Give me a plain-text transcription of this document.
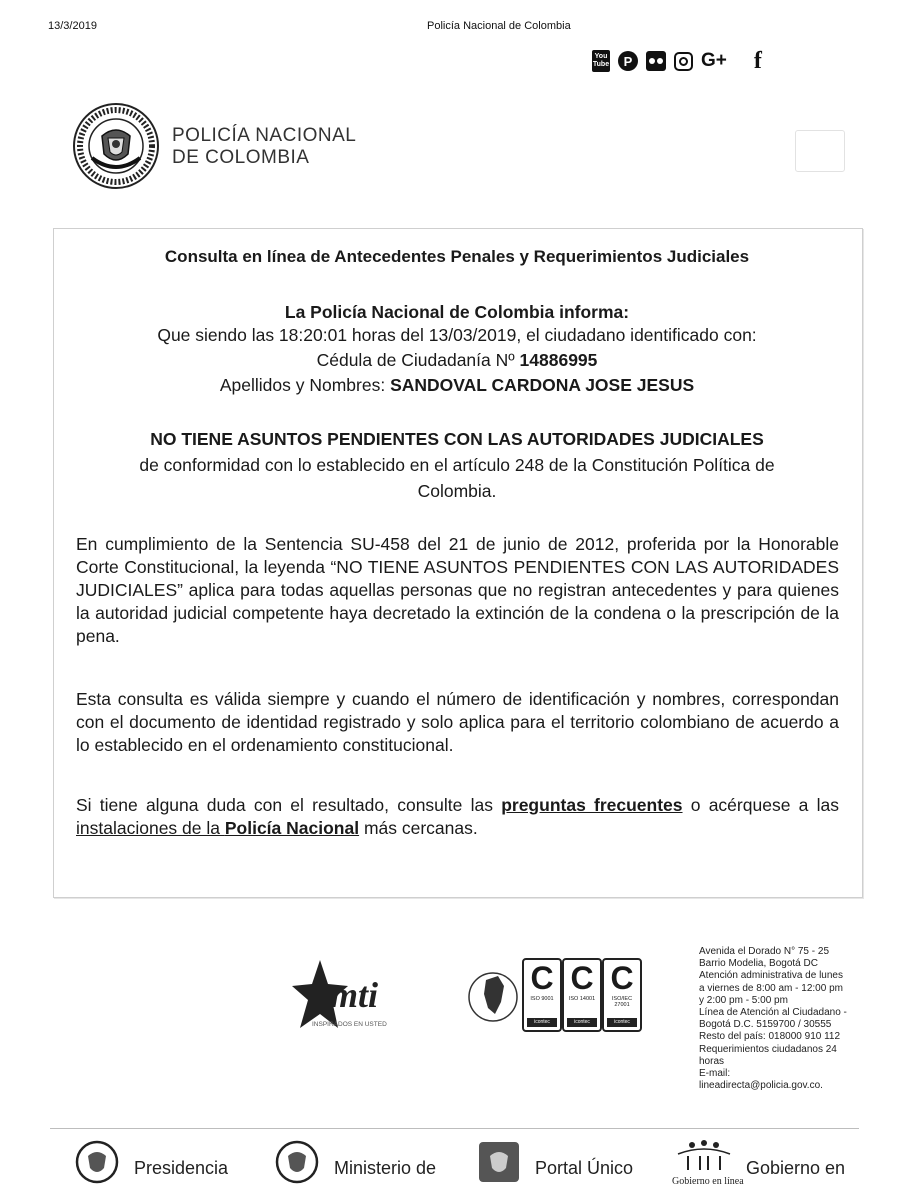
13/3/2019	Policía Nacional de Colombia
You
Tube	P	G+ f
POLICÍA NACIONAL
DE COLOMBIA
Consulta en línea de Antecedentes Penales y Requerimientos Judiciales
La Policía Nacional de Colombia informa:
Que siendo las 18:20:01 horas del 13/03/2019, el ciudadano identificado con:
Cédula de Ciudadanía Nº 14886995
Apellidos y Nombres: SANDOVAL CARDONA JOSE JESUS
NO TIENE ASUNTOS PENDIENTES CON LAS AUTORIDADES JUDICIALES
de conformidad con lo establecido en el artículo 248 de la Constitución Política de
Colombia.
En cumplimiento de la Sentencia SU-458 del 21 de junio de 2012, proferida por la Honorable Corte Constitucional, la leyenda “NO TIENE ASUNTOS PENDIENTES CON LAS AUTORIDADES JUDICIALES” aplica para todas aquellas personas que no registran antecedentes y para quienes la autoridad judicial competente haya decretado la extinción de la condena o la prescripción de la pena.
Esta consulta es válida siempre y cuando el número de identificación y nombres, correspondan con el documento de identidad registrado y solo aplica para el territorio colombiano de acuerdo a lo establecido en el ordenamiento constitucional.
Si tiene alguna duda con el resultado, consulte las preguntas frecuentes o acérquese a las instalaciones de la Policía Nacional más cercanas.
mti
INSPIRADOS EN USTED
C
ISO 9001
icontec
C
ISO 14001
icontec
C
ISO/IEC 27001
icontec
Avenida el Dorado N° 75 - 25
Barrio Modelia, Bogotá DC
Atención administrativa de lunes
a viernes de 8:00 am - 12:00 pm
y 2:00 pm - 5:00 pm
Línea de Atención al Ciudadano -
Bogotá D.C. 5159700 / 30555
Resto del país: 018000 910 112
Requerimientos ciudadanos 24
horas
E-mail:
lineadirecta@policia.gov.co.
Presidencia	Ministerio de	Portal Único
Gobierno en línea
Gobierno en
